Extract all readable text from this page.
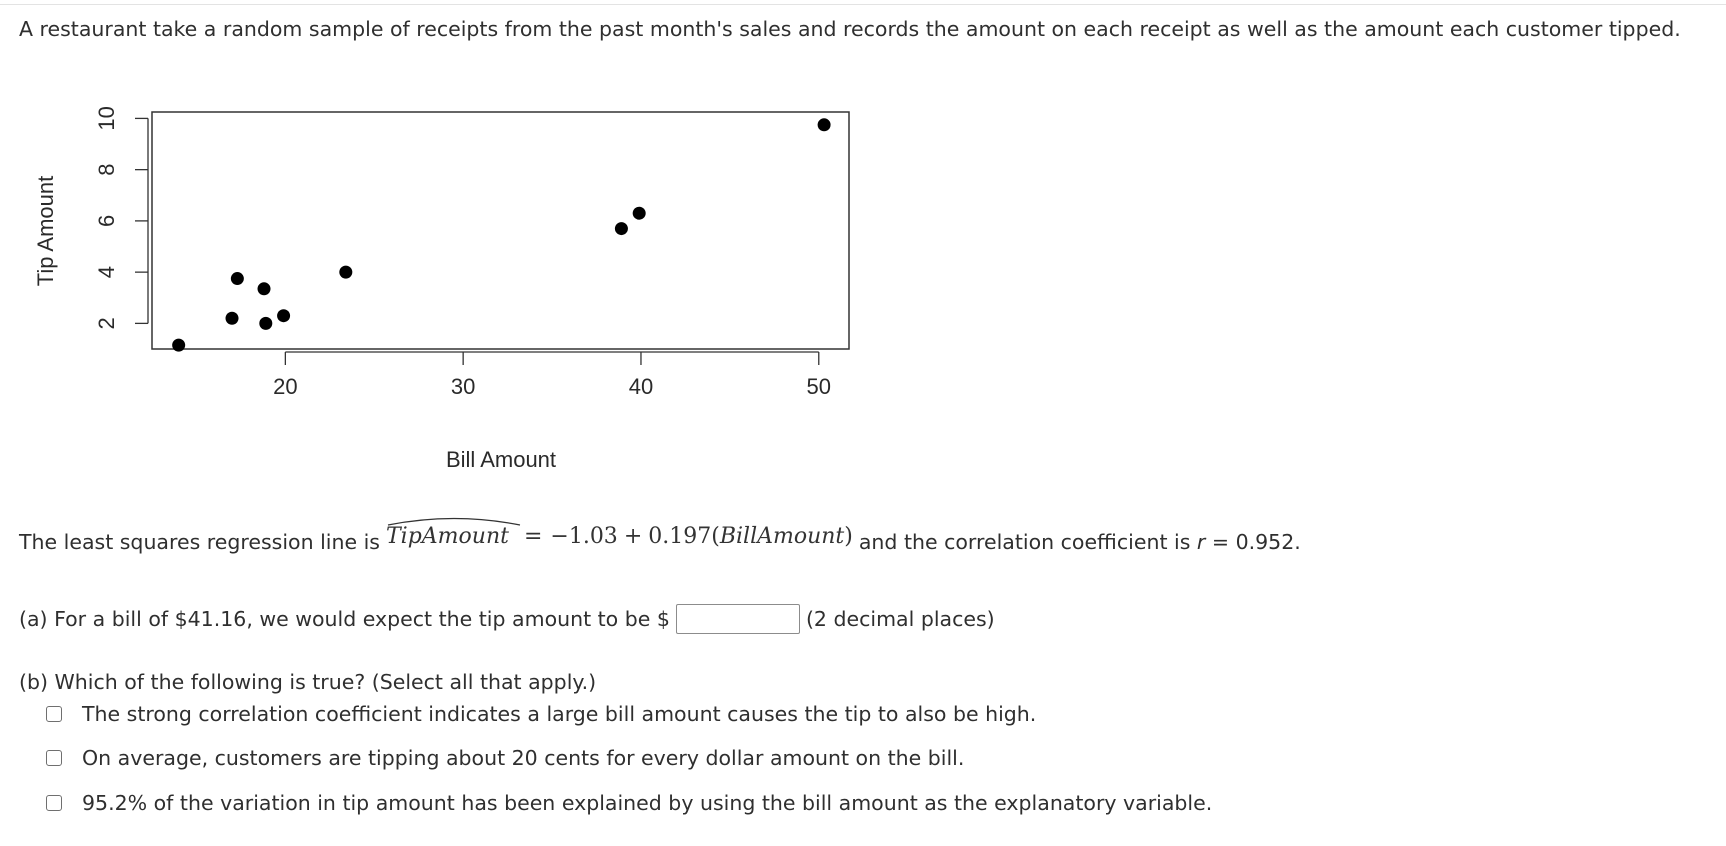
A restaurant take a random sample of receipts from the past month's sales and records the amount on each receipt as well as the amount each customer tipped.
Tip Amount
Bill Amount
20	30	40	50
2
4
6
8
10
The least squares regression line is TipAmount = −1.03 + 0.197(BillAmount) and the correlation coefficient is
r
= 0.952.
(a) For a bill of $41.16, we would expect the tip amount to be $	(2 decimal places)
(b) Which of the following is true? (Select all that apply.)
The strong correlation coefficient indicates a large bill amount causes the tip to also be high.
On average, customers are tipping about 20 cents for every dollar amount on the bill.
95.2% of the variation in tip amount has been explained by using the bill amount as the explanatory variable.
